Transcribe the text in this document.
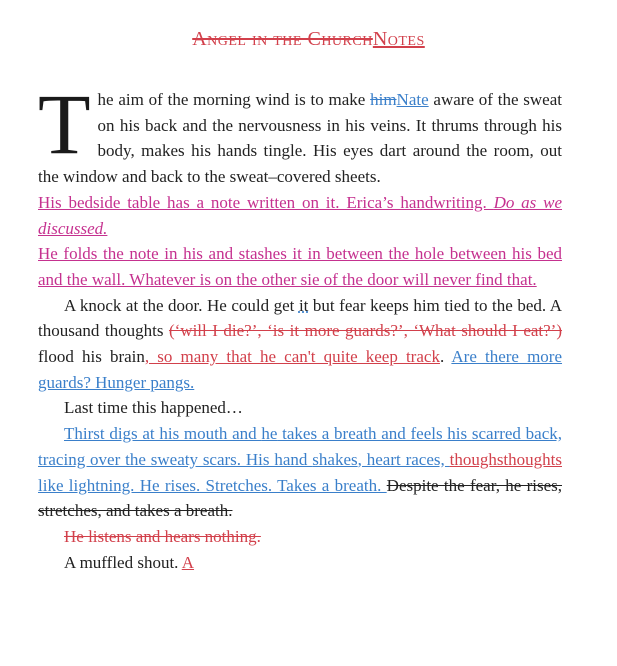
Angel in the ChurchNotes

The aim of the morning wind is to make himNate aware of the sweat on his back and the nervousness in his veins. It thrums through his body, makes his hands tingle. His eyes dart around the room, out the window and back to the sweat–covered sheets.

His bedside table has a note written on it. Erica’s handwriting. Do as we discussed.

He folds the note in his and stashes it in between the hole between his bed and the wall. Whatever is on the other sie of the door will never find that.

A knock at the door. He could get it but fear keeps him tied to the bed. A thousand thoughts (‘will I die?’, ‘is it more guards?’, ‘What should I eat?’) flood his brain, so many that he can't quite keep track. Are there more guards? Hunger pangs.

Last time this happened…

Thirst digs at his mouth and he takes a breath and feels his scarred back, tracing over the sweaty scars. His hand shakes, heart races, thoughsthoughts like lightning. He rises. Stretches. Takes a breath. Despite the fear, he rises, stretches, and takes a breath.

He listens and hears nothing.

A muffled shout. A
